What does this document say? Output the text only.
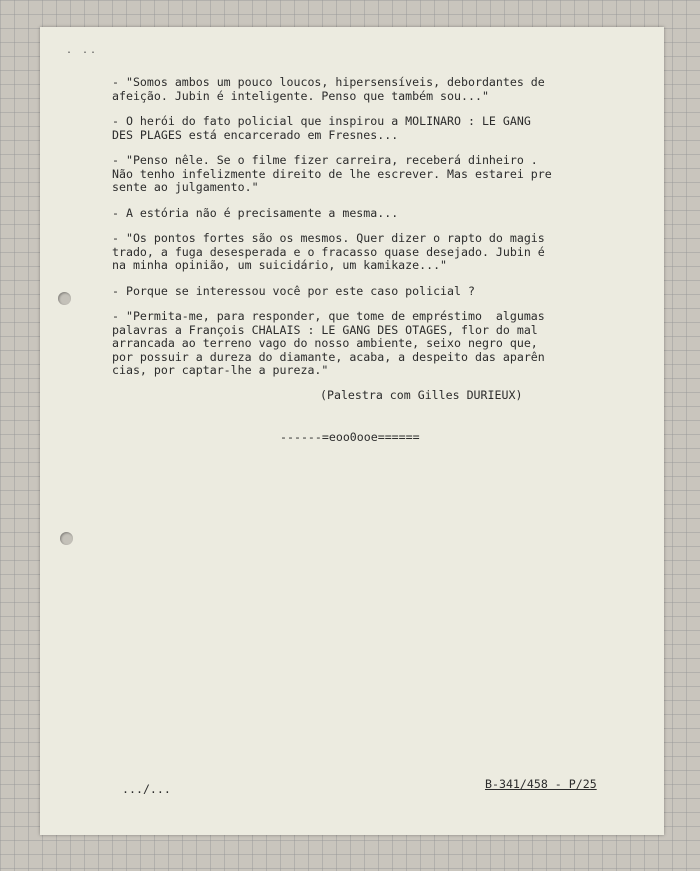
. ..

- "Somos ambos um pouco loucos, hipersensíveis, debordantes de
afeição. Jubin é inteligente. Penso que também sou..."

- O herói do fato policial que inspirou a MOLINARO : LE GANG
DES PLAGES está encarcerado em Fresnes...

- "Penso nêle. Se o filme fizer carreira, receberá dinheiro .
Não tenho infelizmente direito de lhe escrever. Mas estarei pre
sente ao julgamento."

- A estória não é precisamente a mesma...

- "Os pontos fortes são os mesmos. Quer dizer o rapto do magis
trado, a fuga desesperada e o fracasso quase desejado. Jubin é
na minha opinião, um suicidário, um kamikaze..."

- Porque se interessou você por este caso policial ?

- "Permita-me, para responder, que tome de empréstimo  algumas
palavras a François CHALAIS : LE GANG DES OTAGES, flor do mal
arrancada ao terreno vago do nosso ambiente, seixo negro que,
por possuir a dureza do diamante, acaba, a despeito das aparên
cias, por captar-lhe a pureza."

(Palestra com Gilles DURIEUX)
------=eoo0ooe======
.../...	B-341/458 - P/25
